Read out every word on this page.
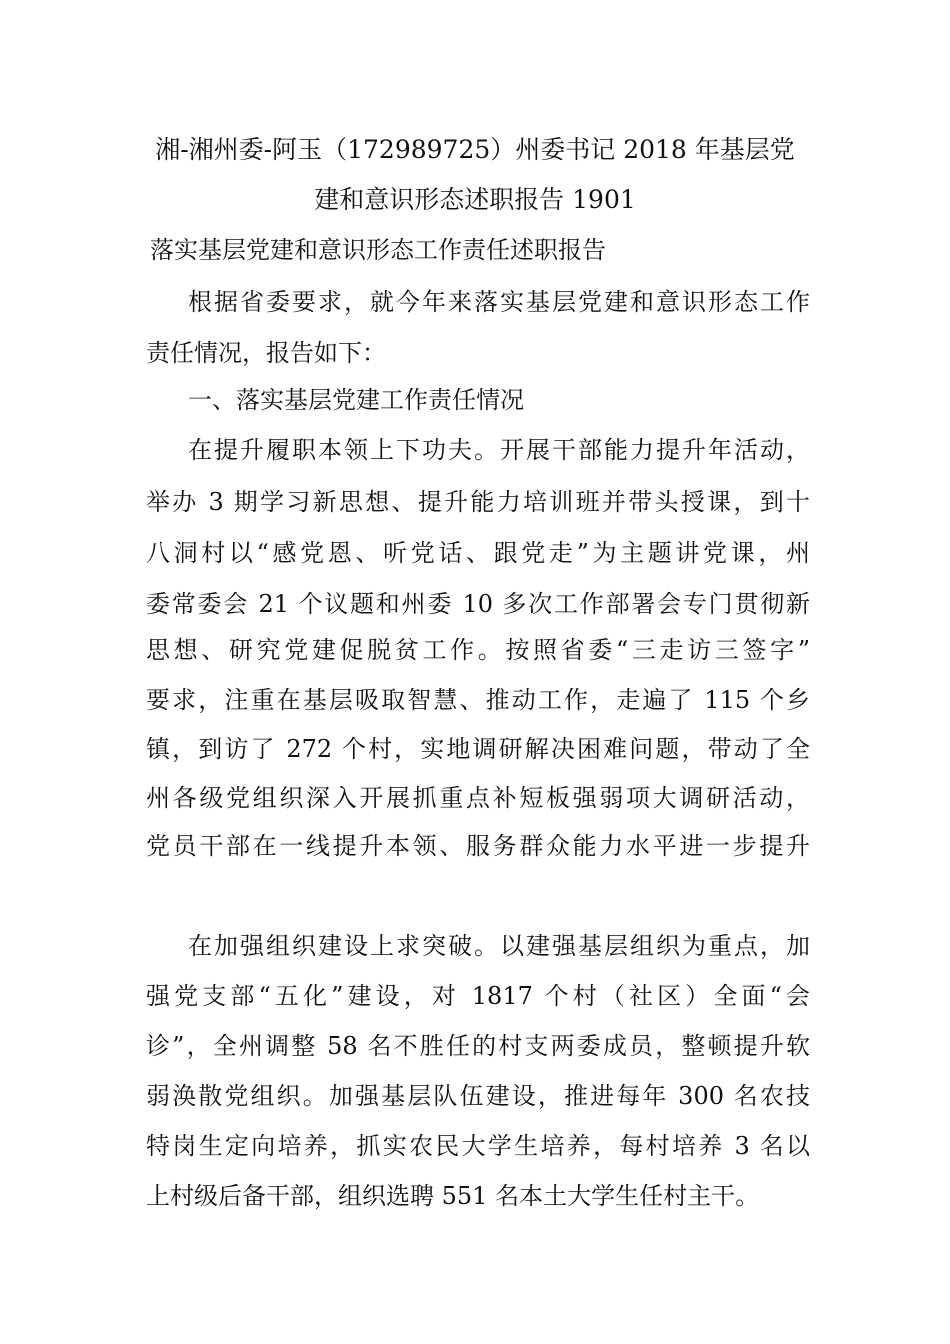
湘-湘州委-阿玉（172989725）州委书记 2018 年基层党
建和意识形态述职报告 1901
落实基层党建和意识形态工作责任述职报告
根据省委要求，就今年来落实基层党建和意识形态工作
责任情况，报告如下：
一、落实基层党建工作责任情况
在提升履职本领上下功夫。开展干部能力提升年活动，
举办 3 期学习新思想、提升能力培训班并带头授课，到十
八洞村以“感党恩、听党话、跟党走”为主题讲党课，州
委常委会 21 个议题和州委 10 多次工作部署会专门贯彻新
思想、研究党建促脱贫工作。按照省委“三走访三签字”
要求，注重在基层吸取智慧、推动工作，走遍了 115 个乡
镇，到访了 272 个村，实地调研解决困难问题，带动了全
州各级党组织深入开展抓重点补短板强弱项大调研活动，
党员干部在一线提升本领、服务群众能力水平进一步提升
在加强组织建设上求突破。以建强基层组织为重点，加
强党支部“五化”建设，对 1817 个村（社区）全面“会
诊”，全州调整 58 名不胜任的村支两委成员，整顿提升软
弱涣散党组织。加强基层队伍建设，推进每年 300 名农技
特岗生定向培养，抓实农民大学生培养，每村培养 3 名以
上村级后备干部，组织选聘 551 名本土大学生任村主干。
